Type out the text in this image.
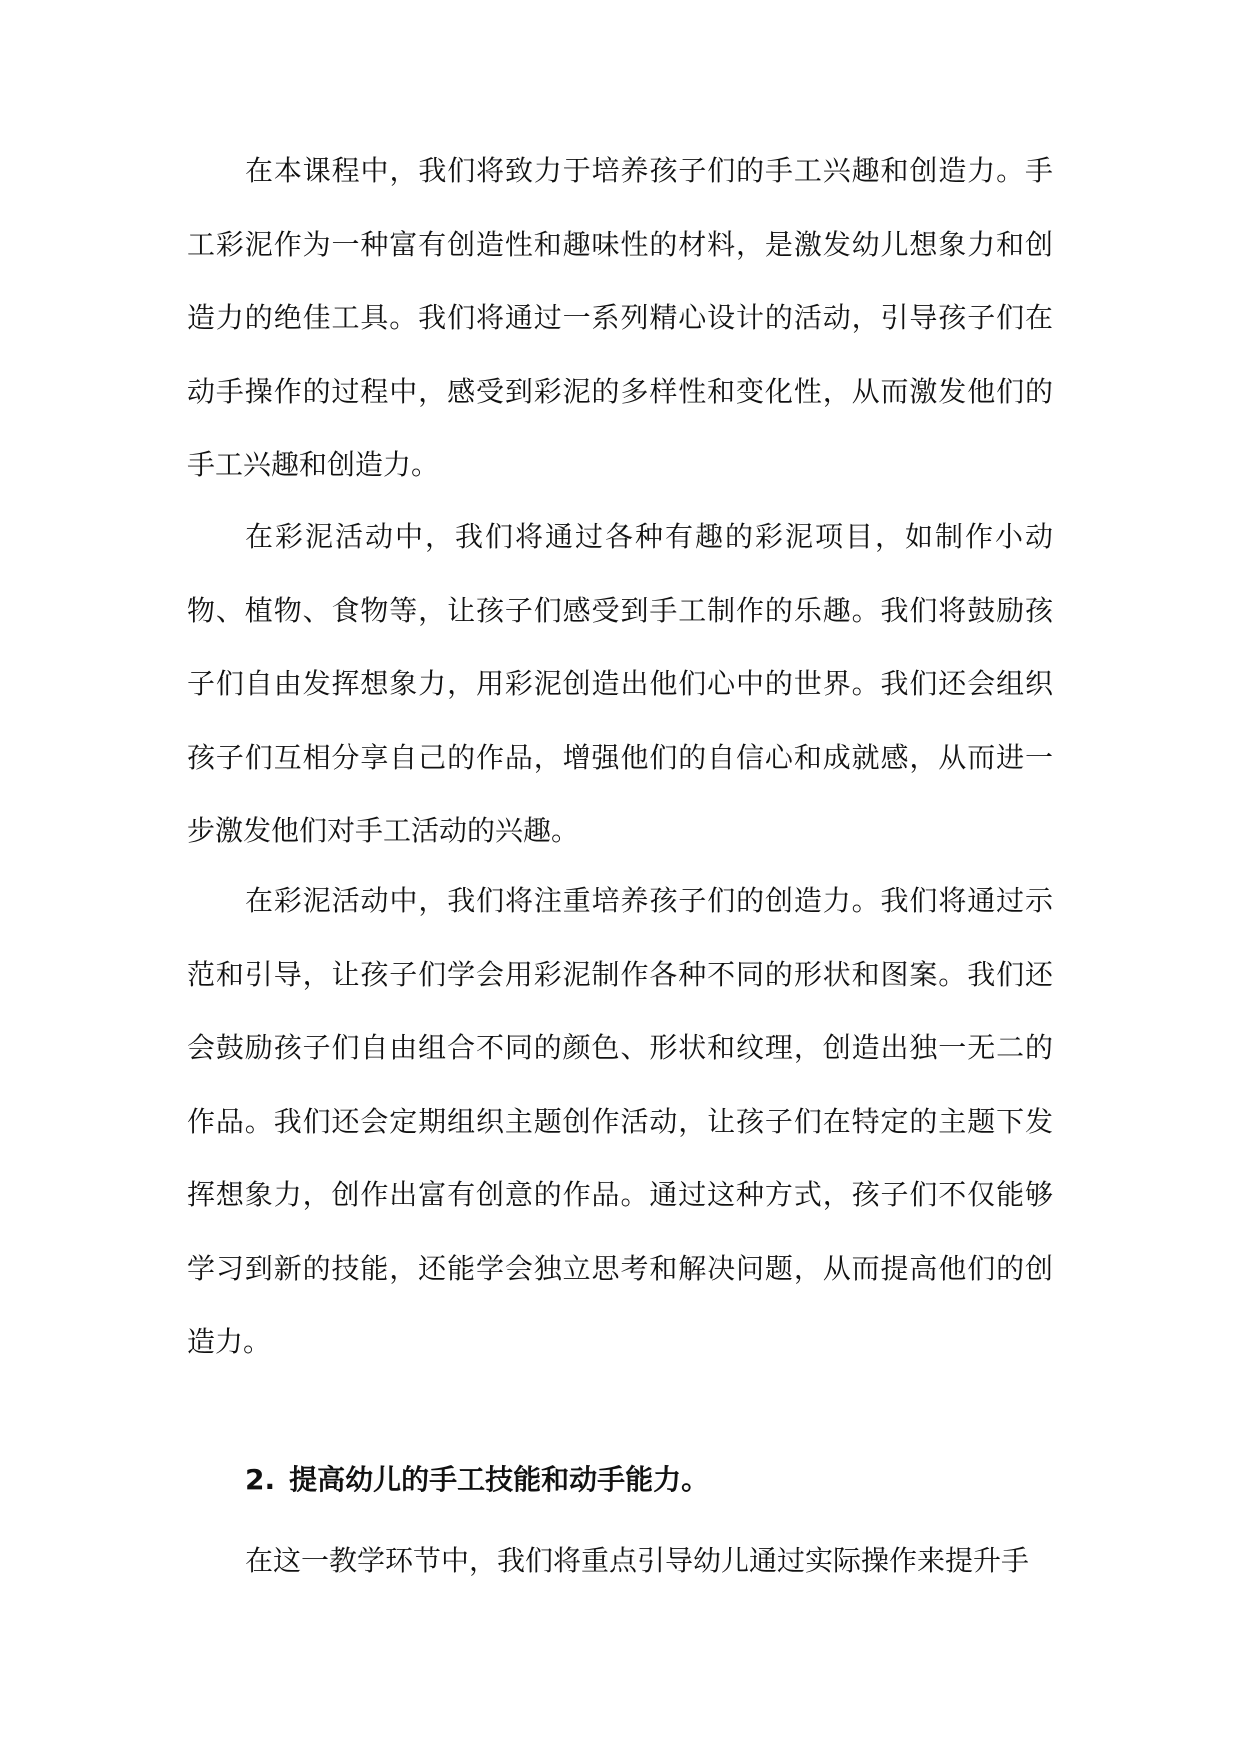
在本课程中，我们将致力于培养孩子们的手工兴趣和创造力。手工彩泥作为一种富有创造性和趣味性的材料，是激发幼儿想象力和创造力的绝佳工具。我们将通过一系列精心设计的活动，引导孩子们在动手操作的过程中，感受到彩泥的多样性和变化性，从而激发他们的手工兴趣和创造力。

在彩泥活动中，我们将通过各种有趣的彩泥项目，如制作小动物、植物、食物等，让孩子们感受到手工制作的乐趣。我们将鼓励孩子们自由发挥想象力，用彩泥创造出他们心中的世界。我们还会组织孩子们互相分享自己的作品，增强他们的自信心和成就感，从而进一步激发他们对手工活动的兴趣。

在彩泥活动中，我们将注重培养孩子们的创造力。我们将通过示范和引导，让孩子们学会用彩泥制作各种不同的形状和图案。我们还会鼓励孩子们自由组合不同的颜色、形状和纹理，创造出独一无二的作品。我们还会定期组织主题创作活动，让孩子们在特定的主题下发挥想象力，创作出富有创意的作品。通过这种方式，孩子们不仅能够学习到新的技能，还能学会独立思考和解决问题，从而提高他们的创造力。

2. 提高幼儿的手工技能和动手能力。

在这一教学环节中，我们将重点引导幼儿通过实际操作来提升手
